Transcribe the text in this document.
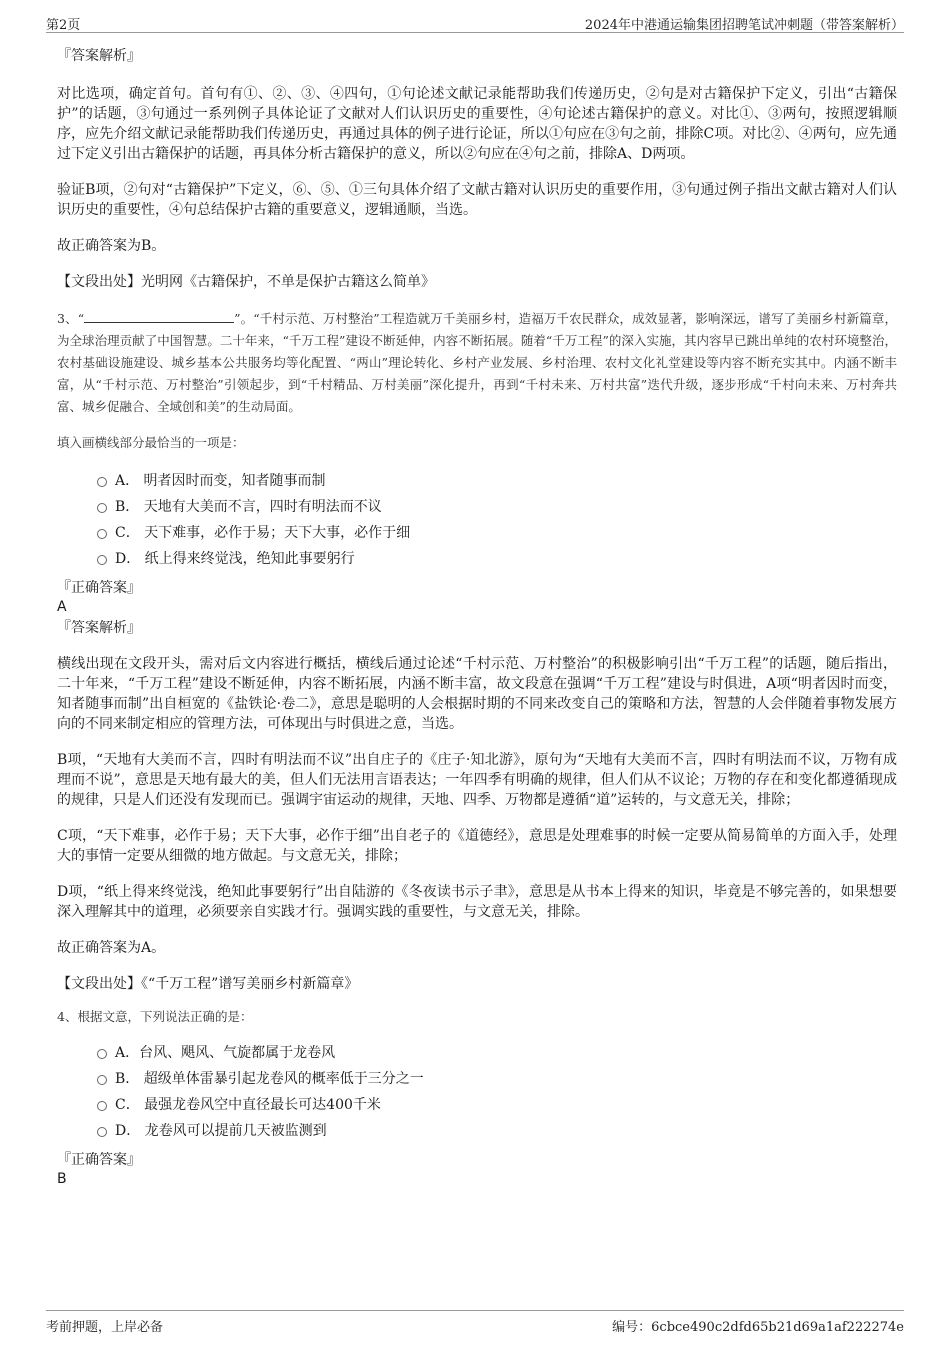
第2页	2024年中港通运输集团招聘笔试冲刺题（带答案解析）
『答案解析』

对比选项，确定首句。首句有①、②、③、④四句，①句论述文献记录能帮助我们传递历史，②句是对古籍保护下定义，引出“古籍保护”的话题，③句通过一系列例子具体论证了文献对人们认识历史的重要性，④句论述古籍保护的意义。对比①、③两句，按照逻辑顺序，应先介绍文献记录能帮助我们传递历史，再通过具体的例子进行论证，所以①句应在③句之前，排除C项。对比②、④两句，应先通过下定义引出古籍保护的话题，再具体分析古籍保护的意义，所以②句应在④句之前，排除A、D两项。

验证B项，②句对“古籍保护”下定义，⑥、⑤、①三句具体介绍了文献古籍对认识历史的重要作用，③句通过例子指出文献古籍对人们认识历史的重要性，④句总结保护古籍的重要意义，逻辑通顺，当选。

故正确答案为B。

【文段出处】光明网《古籍保护，不单是保护古籍这么简单》

3、“	”。“千村示范、万村整治”工程造就万千美丽乡村，造福万千农民群众，成效显著，影响深远，谱写了美丽乡村新篇章，为全球治理贡献了中国智慧。二十年来，“千万工程”建设不断延伸，内容不断拓展。随着“千万工程”的深入实施，其内容早已跳出单纯的农村环境整治，农村基础设施建设、城乡基本公共服务均等化配置、“两山”理论转化、乡村产业发展、乡村治理、农村文化礼堂建设等内容不断充实其中。内涵不断丰富，从“千村示范、万村整治”引领起步，到“千村精品、万村美丽”深化提升，再到“千村未来、万村共富”迭代升级，逐步形成“千村向未来、万村奔共富、城乡促融合、全域创和美”的生动局面。

填入画横线部分最恰当的一项是：

A． 明者因时而变，知者随事而制
B． 天地有大美而不言，四时有明法而不议
C． 天下难事，必作于易；天下大事，必作于细
D． 纸上得来终觉浅，绝知此事要躬行
『正确答案』
A
『答案解析』

横线出现在文段开头，需对后文内容进行概括，横线后通过论述“千村示范、万村整治”的积极影响引出“千万工程”的话题，随后指出，二十年来，“千万工程”建设不断延伸，内容不断拓展，内涵不断丰富，故文段意在强调“千万工程”建设与时俱进，A项“明者因时而变，知者随事而制”出自桓宽的《盐铁论·卷二》，意思是聪明的人会根据时期的不同来改变自己的策略和方法，智慧的人会伴随着事物发展方向的不同来制定相应的管理方法，可体现出与时俱进之意，当选。

B项，“天地有大美而不言，四时有明法而不议”出自庄子的《庄子·知北游》，原句为“天地有大美而不言，四时有明法而不议，万物有成理而不说”，意思是天地有最大的美，但人们无法用言语表达；一年四季有明确的规律，但人们从不议论；万物的存在和变化都遵循现成的规律，只是人们还没有发现而已。强调宇宙运动的规律，天地、四季、万物都是遵循“道”运转的，与文意无关，排除；

C项，“天下难事，必作于易；天下大事，必作于细”出自老子的《道德经》，意思是处理难事的时候一定要从简易简单的方面入手，处理大的事情一定要从细微的地方做起。与文意无关，排除；

D项，“纸上得来终觉浅，绝知此事要躬行”出自陆游的《冬夜读书示子聿》，意思是从书本上得来的知识，毕竟是不够完善的，如果想要深入理解其中的道理，必须要亲自实践才行。强调实践的重要性，与文意无关，排除。

故正确答案为A。

【文段出处】《“千万工程”谱写美丽乡村新篇章》

4、根据文意，下列说法正确的是：

A．台风、飓风、气旋都属于龙卷风
B． 超级单体雷暴引起龙卷风的概率低于三分之一
C． 最强龙卷风空中直径最长可达400千米
D． 龙卷风可以提前几天被监测到
『正确答案』
B
考前押题，上岸必备	编号：6cbce490c2dfd65b21d69a1af222274e
